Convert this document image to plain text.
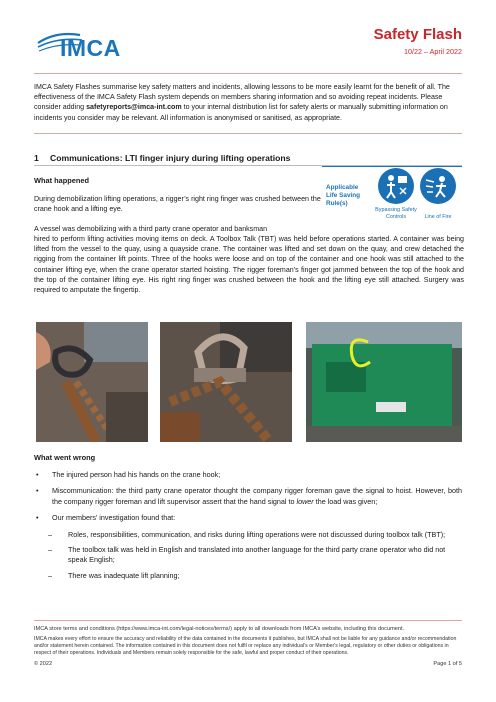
IMCA
Safety Flash
10/22 – April 2022
IMCA Safety Flashes summarise key safety matters and incidents, allowing lessons to be more easily learnt for the benefit of all. The effectiveness of the IMCA Safety Flash system depends on members sharing information and so avoiding repeat incidents. Please consider adding safetyreports@imca-int.com to your internal distribution list for safety alerts or manually submitting information on incidents you consider may be relevant. All information is anonymised or sanitised, as appropriate.
1 Communications: LTI finger injury during lifting operations
What happened
During demobilization lifting operations, a rigger’s right ring finger was crushed between the crane hook and a lifting eye.
A vessel was demobilizing with a third party crane operator and banksman
hired to perform lifting activities moving items on deck. A Toolbox Talk (TBT) was held before operations started. A container was being lifted from the vessel to the quay, using a quayside crane. The container was lifted and set down on the quay, and crew detached the rigging from the container lift points. Three of the hooks were loose and on top of the container and one hook was still attached to the container lifting eye, when the crane operator started hoisting. The rigger foreman’s finger got jammed between the top of the hook and the top of the container lifting eye. His right ring finger was crushed between the hook and the lifting eye still attached. Surgery was required to amputate the fingertip.
Applicable Life Saving Rule(s)
Bypassing Safety Controls	Line of Fire
What went wrong
• The injured person had his hands on the crane hook;
• Miscommunication: the third party crane operator thought the company rigger foreman gave the signal to hoist. However, both the company rigger foreman and lift supervisor assert that the hand signal to lower the load was given;
• Our members’ investigation found that:
– Roles, responsibilities, communication, and risks during lifting operations were not discussed during toolbox talk (TBT);
– The toolbox talk was held in English and translated into another language for the third party crane operator who did not speak English;
– There was inadequate lift planning;
IMCA store terms and conditions (https://www.imca-int.com/legal-notices/terms/) apply to all downloads from IMCA’s website, including this document.
IMCA makes every effort to ensure the accuracy and reliability of the data contained in the documents it publishes, but IMCA shall not be liable for any guidance and/or recommendation and/or statement herein contained. The information contained in this document does not fulfil or replace any individual’s or Member's legal, regulatory or other duties or obligations in respect of their operations. Individuals and Members remain solely responsible for the safe, lawful and proper conduct of their operations.
© 2022	Page 1 of 5
